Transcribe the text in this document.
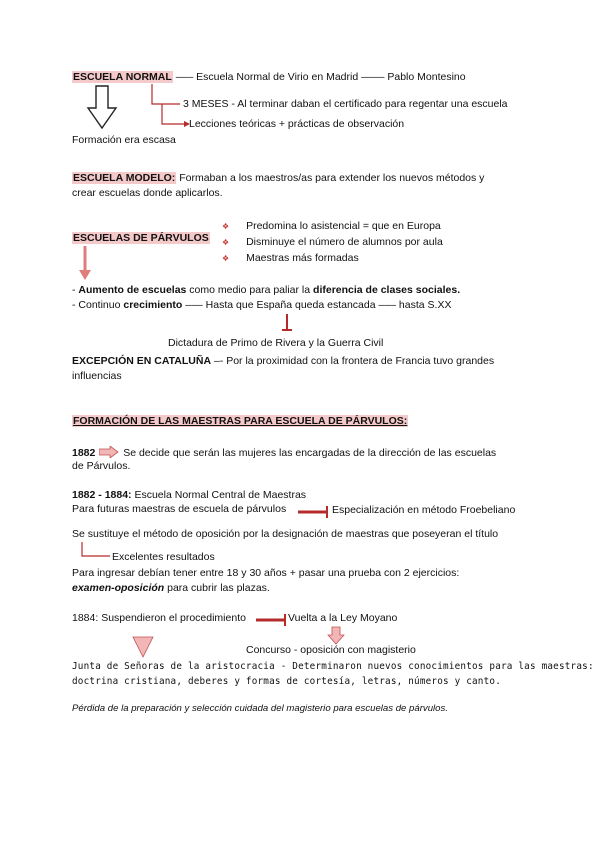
ESCUELA NORMAL ––– Escuela Normal de Virio en Madrid –––– Pablo Montesino
3 MESES - Al terminar daban el certificado para regentar una escuela
Lecciones teóricas + prácticas de observación
Formación era escasa
ESCUELA MODELO: Formaban a los maestros/as para extender los nuevos métodos y
crear escuelas donde aplicarlos.
ESCUELAS DE PÁRVULOS
❖ Predomina lo asistencial = que en Europa
❖ Disminuye el número de alumnos por aula
❖ Maestras más formadas
- Aumento de escuelas como medio para paliar la diferencia de clases sociales.
- Continuo crecimiento ––– Hasta que España queda estancada ––– hasta S.XX
Dictadura de Primo de Rivera y la Guerra Civil
EXCEPCIÓN EN CATALUÑA –- Por la proximidad con la frontera de Francia tuvo grandes
influencias
FORMACIÓN DE LAS MAESTRAS PARA ESCUELA DE PÁRVULOS:
1882  Se decide que serán las mujeres las encargadas de la dirección de las escuelas
de Párvulos.
1882 - 1884: Escuela Normal Central de Maestras
Para futuras maestras de escuela de párvulos	Especialización en método Froebeliano
Se sustituye el método de oposición por la designación de maestras que poseyeran el título
Excelentes resultados
Para ingresar debían tener entre 18 y 30 años + pasar una prueba con 2 ejercicios:
examen-oposición para cubrir las plazas.
1884: Suspendieron el procedimiento	Vuelta a la Ley Moyano
Concurso - oposición con magisterio
Junta de Señoras de la aristocracia - Determinaron nuevos conocimientos para las maestras:
doctrina cristiana, deberes y formas de cortesía, letras, números y canto.
Pérdida de la preparación y selección cuidada del magisterio para escuelas de párvulos.
